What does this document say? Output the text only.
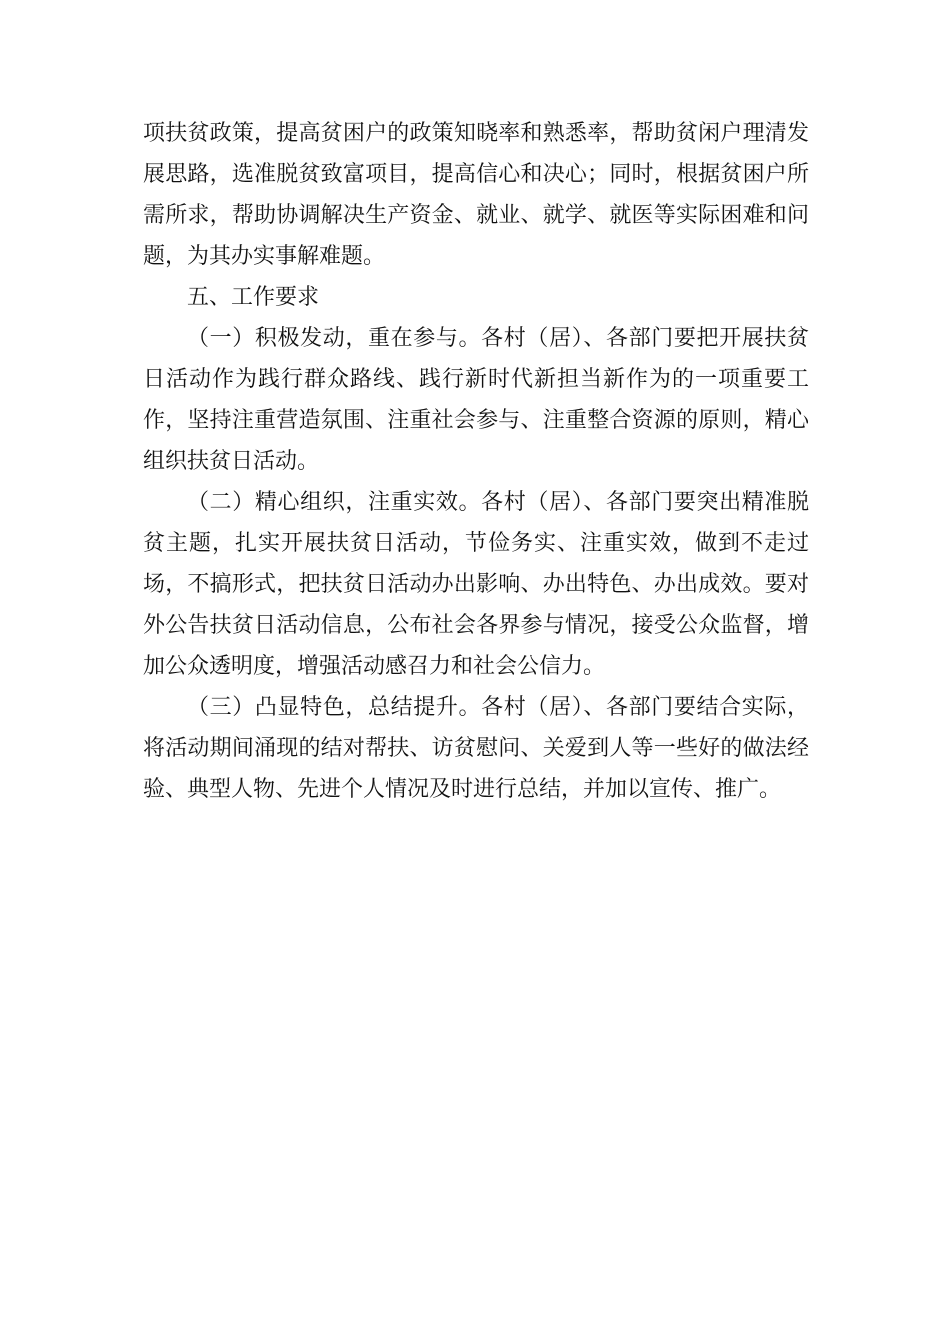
项扶贫政策，提高贫困户的政策知晓率和熟悉率，帮助贫闲户理清发展思路，选准脱贫致富项目，提高信心和决心；同时，根据贫困户所需所求，帮助协调解决生产资金、就业、就学、就医等实际困难和问题，为其办实事解难题。

五、工作要求

（一）积极发动，重在参与。各村（居）、各部门要把开展扶贫日活动作为践行群众路线、践行新时代新担当新作为的一项重要工作，坚持注重营造氛围、注重社会参与、注重整合资源的原则，精心组织扶贫日活动。

（二）精心组织，注重实效。各村（居）、各部门要突出精准脱贫主题，扎实开展扶贫日活动，节俭务实、注重实效，做到不走过场，不搞形式，把扶贫日活动办出影响、办出特色、办出成效。要对外公告扶贫日活动信息，公布社会各界参与情况，接受公众监督，增加公众透明度，增强活动感召力和社会公信力。

（三）凸显特色，总结提升。各村（居）、各部门要结合实际，将活动期间涌现的结对帮扶、访贫慰问、关爱到人等一些好的做法经验、典型人物、先进个人情况及时进行总结，并加以宣传、推广。
